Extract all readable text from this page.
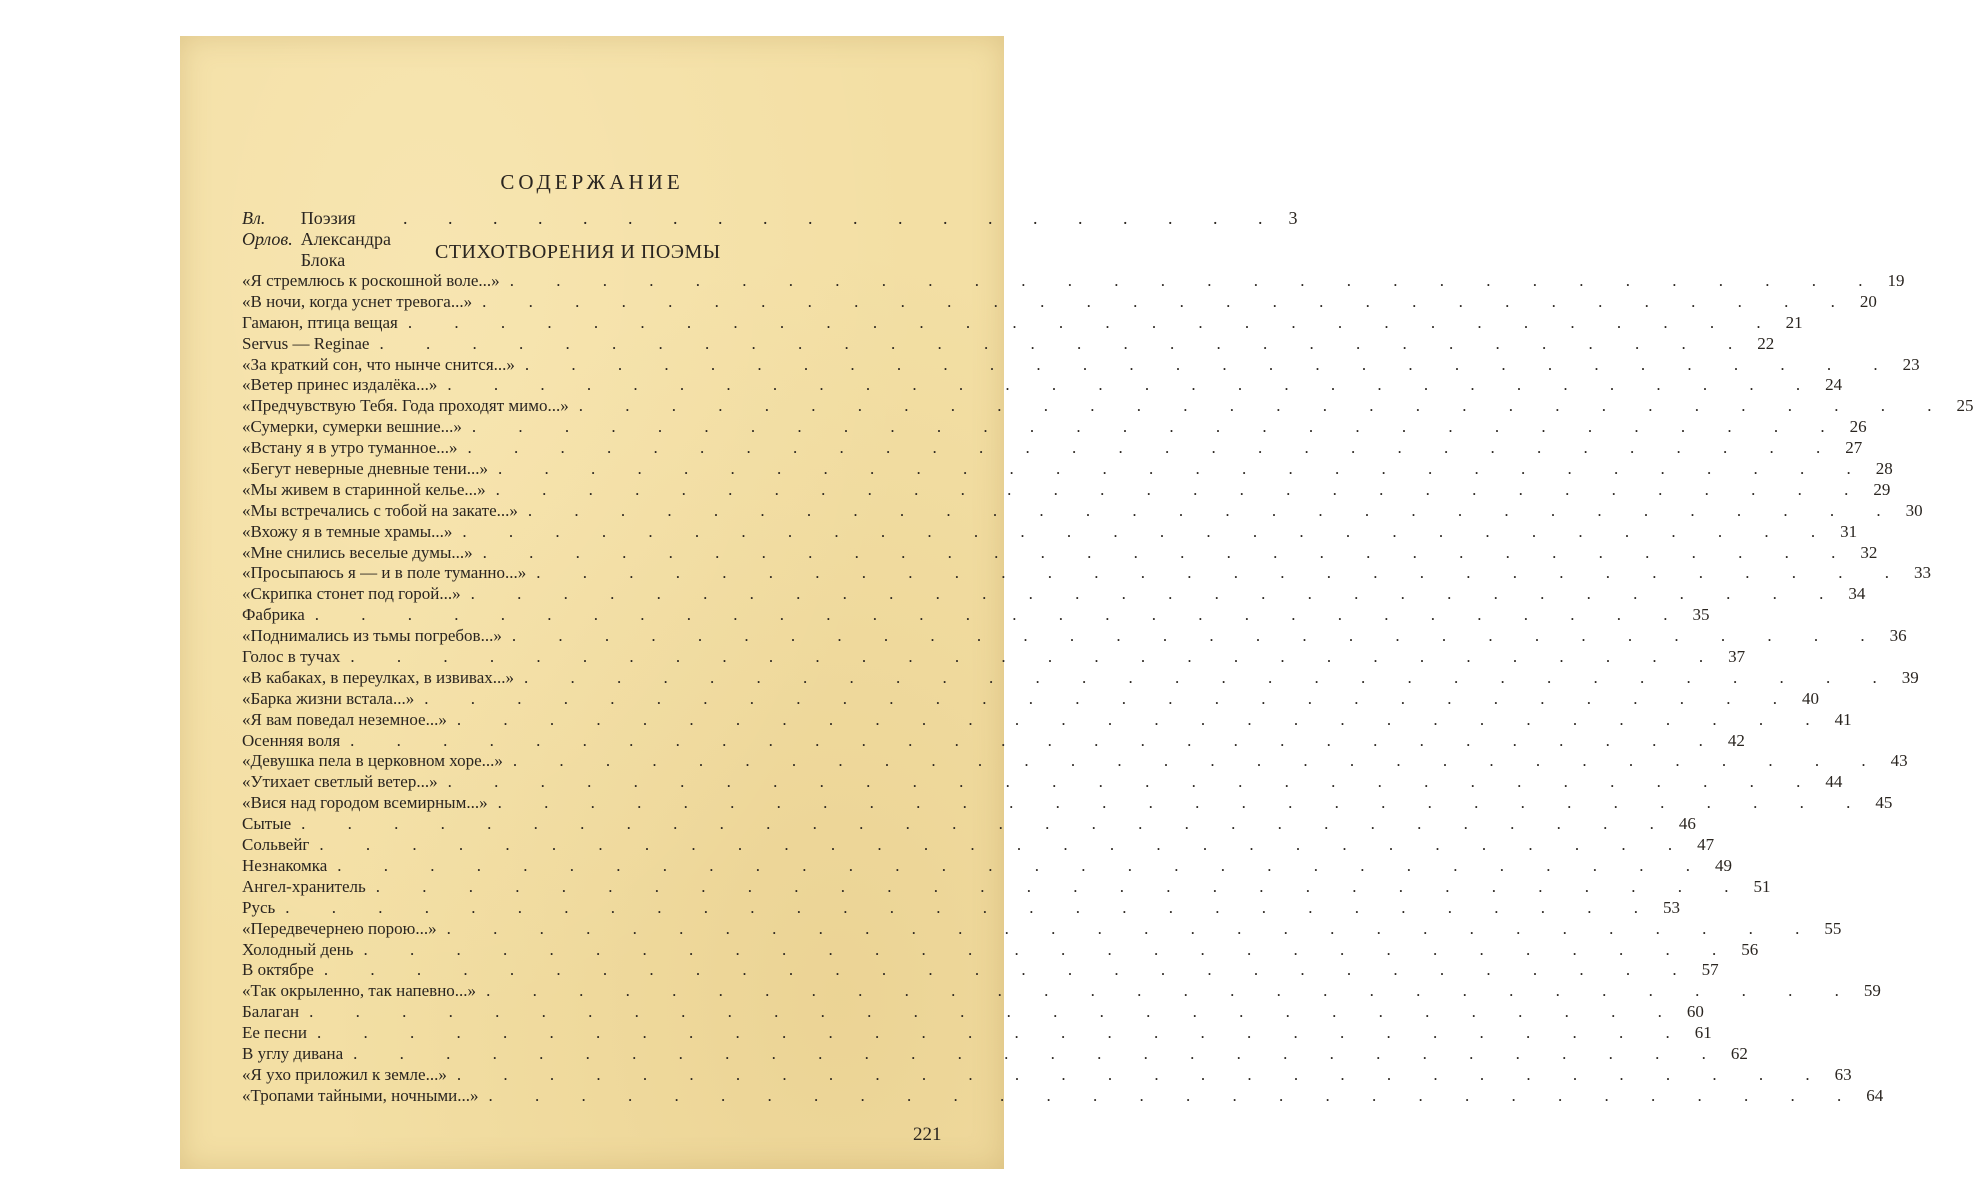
СОДЕРЖАНИЕ
Вл. Орлов.
Поэзия Александра Блока
. . . . . . . . . . . . . . . . . . . . 3
СТИХОТВОРЕНИЯ И ПОЭМЫ
«Я стремлюсь к роскошной воле...» . . . . . . . . . . . . . . . . . . . . . . . . . . . . . . 19
«В ночи, когда уснет тревога...» . . . . . . . . . . . . . . . . . . . . . . . . . . . . . . 20
Гамаюн, птица вещая . . . . . . . . . . . . . . . . . . . . . . . . . . . . . . 21
Servus — Reginae . . . . . . . . . . . . . . . . . . . . . . . . . . . . . . 22
«За краткий сон, что нынче снится...» . . . . . . . . . . . . . . . . . . . . . . . . . . . . . . 23
«Ветер принес издалёка...» . . . . . . . . . . . . . . . . . . . . . . . . . . . . . . 24
«Предчувствую Тебя. Года проходят мимо...» . . . . . . . . . . . . . . . . . . . . . . . . . . . . . . 25
«Сумерки, сумерки вешние...» . . . . . . . . . . . . . . . . . . . . . . . . . . . . . . 26
«Встану я в утро туманное...» . . . . . . . . . . . . . . . . . . . . . . . . . . . . . . 27
«Бегут неверные дневные тени...» . . . . . . . . . . . . . . . . . . . . . . . . . . . . . . 28
«Мы живем в старинной келье...» . . . . . . . . . . . . . . . . . . . . . . . . . . . . . . 29
«Мы встречались с тобой на закате...» . . . . . . . . . . . . . . . . . . . . . . . . . . . . . . 30
«Вхожу я в темные храмы...» . . . . . . . . . . . . . . . . . . . . . . . . . . . . . . 31
«Мне снились веселые думы...» . . . . . . . . . . . . . . . . . . . . . . . . . . . . . . 32
«Просыпаюсь я — и в поле туманно...» . . . . . . . . . . . . . . . . . . . . . . . . . . . . . . 33
«Скрипка стонет под горой...» . . . . . . . . . . . . . . . . . . . . . . . . . . . . . . 34
Фабрика . . . . . . . . . . . . . . . . . . . . . . . . . . . . . . 35
«Поднимались из тьмы погребов...» . . . . . . . . . . . . . . . . . . . . . . . . . . . . . . 36
Голос в тучах . . . . . . . . . . . . . . . . . . . . . . . . . . . . . . 37
«В кабаках, в переулках, в извивах...» . . . . . . . . . . . . . . . . . . . . . . . . . . . . . . 39
«Барка жизни встала...» . . . . . . . . . . . . . . . . . . . . . . . . . . . . . . 40
«Я вам поведал неземное...» . . . . . . . . . . . . . . . . . . . . . . . . . . . . . . 41
Осенняя воля . . . . . . . . . . . . . . . . . . . . . . . . . . . . . . 42
«Девушка пела в церковном хоре...» . . . . . . . . . . . . . . . . . . . . . . . . . . . . . . 43
«Утихает светлый ветер...» . . . . . . . . . . . . . . . . . . . . . . . . . . . . . . 44
«Вися над городом всемирным...» . . . . . . . . . . . . . . . . . . . . . . . . . . . . . . 45
Сытые . . . . . . . . . . . . . . . . . . . . . . . . . . . . . . 46
Сольвейг . . . . . . . . . . . . . . . . . . . . . . . . . . . . . . 47
Незнакомка . . . . . . . . . . . . . . . . . . . . . . . . . . . . . . 49
Ангел-хранитель . . . . . . . . . . . . . . . . . . . . . . . . . . . . . . 51
Русь . . . . . . . . . . . . . . . . . . . . . . . . . . . . . . 53
«Передвечернею порою...» . . . . . . . . . . . . . . . . . . . . . . . . . . . . . . 55
Холодный день . . . . . . . . . . . . . . . . . . . . . . . . . . . . . . 56
В октябре . . . . . . . . . . . . . . . . . . . . . . . . . . . . . . 57
«Так окрыленно, так напевно...» . . . . . . . . . . . . . . . . . . . . . . . . . . . . . . 59
Балаган . . . . . . . . . . . . . . . . . . . . . . . . . . . . . . 60
Ее песни . . . . . . . . . . . . . . . . . . . . . . . . . . . . . . 61
В углу дивана . . . . . . . . . . . . . . . . . . . . . . . . . . . . . . 62
«Я ухо приложил к земле...» . . . . . . . . . . . . . . . . . . . . . . . . . . . . . . 63
«Тропами тайными, ночными...» . . . . . . . . . . . . . . . . . . . . . . . . . . . . . . 64
221
